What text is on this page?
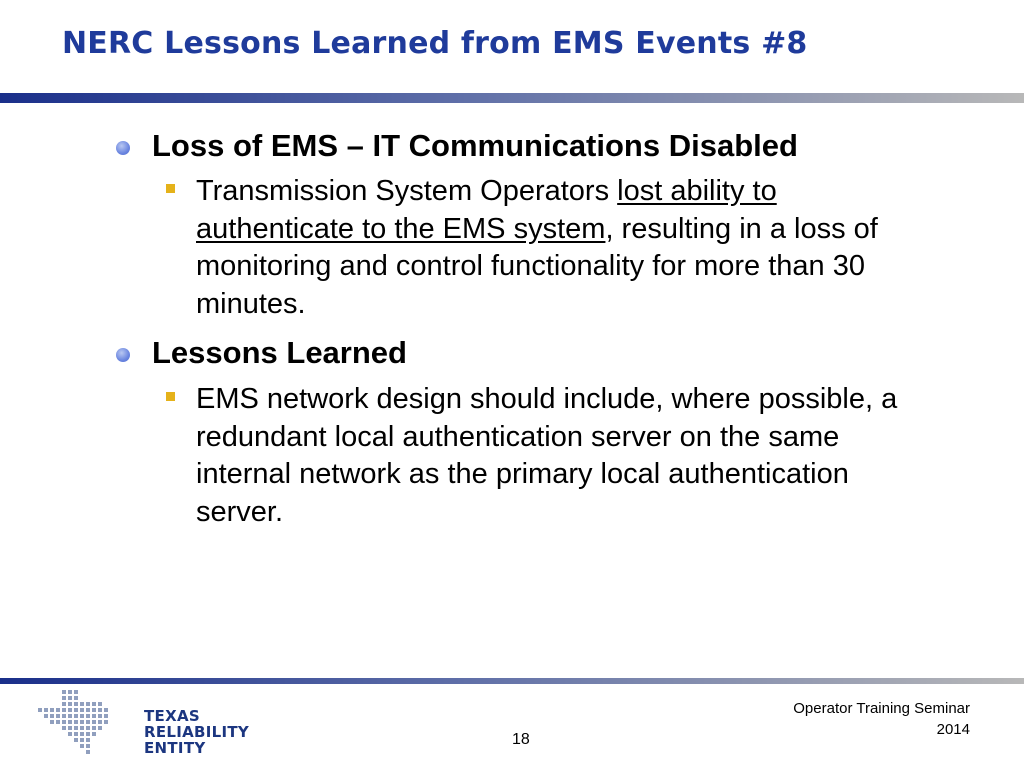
NERC Lessons Learned from EMS Events #8
Loss of EMS – IT Communications Disabled
Transmission System Operators lost ability to authenticate to the EMS system, resulting in a loss of monitoring and control functionality for more than 30 minutes.
Lessons Learned
EMS network design should include, where possible, a redundant local authentication server on the same internal network as the primary local authentication server.
TEXAS
RELIABILITY
ENTITY	18
Operator Training Seminar
2014
